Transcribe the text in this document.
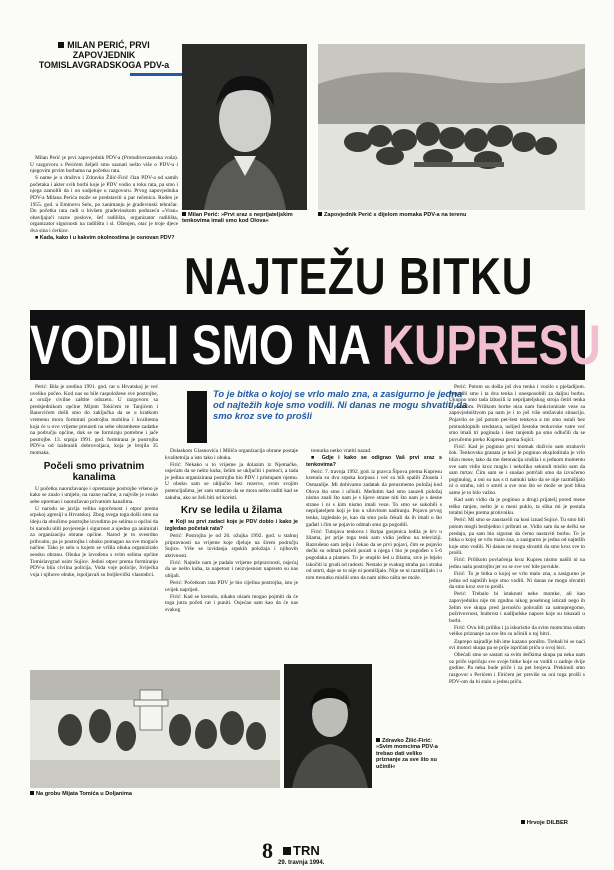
MILAN PERIĆ, PRVI ZAPOVJEDNIK TOMISLAVGRADSKOGA PDV-a

Milan Perić je prvi zapovjednik PDV-a (Protudiverzantska voda). U razgovoru s Perićem željeli smo saznati nešto više o PDV-u i njegovim prvim borbama na početku rata.

S name je u društvu i Zdravko Žilić-Firić član PDV-a od samih početaka i akter svih borbi koje je PDV vodio u toku rata, pa smo i njega zamolili da i on sudjeluje u razgovoru. Prvog zapovjednika PDV-a Milana Perića može se predstaviti u par rečenica. Rođen je 1955. god. u Eminovu Selu, po zanimanju je građevinski tehničar. Do početka rata radi u bivšem građevinskom poduzeću »Vran« obavljajući razne poslove, šef radilišta, organizator radilišta, organizator sigurnosti na radilištu i sl. Oženjen, otac je troje djece dva sina i ćerkice.

■ Kada, kako i u kakvim okolnostima je osnovan PDV?

Milan Perić: »Prvi sraz s neprijateljskim tenkovima imali smo kod Olova«
Zapovjednik Perić s dijelom momaka PDV-a na terenu
NAJTEŽU BITKU
VODILI SMO NA KUPRESU
To je bitka o kojoj se vrlo malo zna, a zasigurno je jedna od najtežih koje smo vodili. Ni danas ne mogu shvatiti da smo kroz sve to prošli

Perić: Bila je sredina 1991. god. rat u Hrvatskoj je već uveliko počeo. Kod nas su bile raspoložene sve postrojbe, a oružje civilne zaštite oduzeto. U razgovoru sa predsjednikom općine Mijom Tokićem te Tanjićem i Banovićem došli smo do zaključka da se u kratkom vremenu mora formirati postrojba mobilna i kvalitetna koja će u ovo vrijeme preuzeti na sebe obrambene zadatke na području općine, dok se ne formiraju potrebne i jače postrojbe. 13. srpnja 1991. god. formirana je postrojba PDV-a od izabranih dobrovoljaca, koja je brojila 35 momaka.

Počeli smo privatnim kanalima

U početku naoružavanje i opremanje postrojbe vršeno je kako se znalo i umjelo, na razne načine, a najviše je svako sebe opremao i naoružavao privatnim kanalima.

U narodu se javlja velika ogorčenost i otpor prema srpskoj agresiji u Hrvatskoj. Zbog svega toga došli smo na ideju da obučimo postrojbe izvodimo po selima u općini da bi narodu ulili povjerenje i sigurnost a ujedno ga animirali za organizaciju obrane općine. Narod je to svesrdno prihvatio, pa je postrojba i obuku pomagao na sve moguće načine. Tako je selo u kojem se vršila obuka organiziralo seosku obranu. Obuka je izvođena s svim selima općine Tomislavgrad osim Sujice. Jedini otpor prema formiranju PDV-a bila civilna policija, Voda voje policije, Svijećka voja i njihove obuke, ispoljavali su boljševički vlastodrci.

Dolaskom Glasnovića i Miličа organizacija obrane postaje kvalitetnija a isto tako i obuka.

Firić: Nekako u to vrijeme ja dolazim iz Njemačke, osjećam da se nešto kuha, želim se uključiti i pomoći, a tada je jedina organizirana postrojba bio PDV i pristupam njemu. U obuku sam se uključio bez rezerve, svim svojim potencijalima, jer sam smatrao da se mora nešto raditi kad se zakuhа, ako se želi biti od koristi.

Krv se ledila u žilama

■ Koji su prvi zadaci koje je PDV dobio i kako je izgledao početak rata?

Perić: Postrojba je od 26. ožujka 1992. god. u stalnoj pripravnosti na vrijeme koje djeluje na širem području Sujice. Vrše se izvidanja srpskih položaja i njihovih aktivnosti.

Firić: Najteže nam je padalo vrijeme pripravnosti, osjećaj da se nešto kuha, ta napetost i neizvjesnost napresto su nas ubijali.

Perić: Početkom rata PDV je bio cijelina postrojba, isto je uvijek naprijed.

Firić: Kad se krenulo, nikako nisam mogao pojmiti da će toga jutra početi rat i puniti. Osjećao sam kao da će nas svakog

trenutka netko vratiti nazad.

■ Gdje i kako se odigrao Vaš prvi sraz s tenkovima?

Perić: 7. travnja 1992. god. iz pravca Šipova prema Kupresu krenula su dva srpska korpusa i već su bili spalili Zlosela i Osmanlije. Mi dobivamo zadatak da preuzmemo položaj kod Olova što smo i učinili. Međutim kad smo zauzeli položaj nismo znali što nam je s lijeve strane niti što nam je s desne strane i ni s kim nismo imali veze. To smo se sukobili s neprijateljem koji je bio u silovitom nadiranju. Pojavu prvog tenka, izgledalo je, kao da smo pola čekali da ih imali u što gađati i čim se pojavio odmah smo ga pogodili.

Firić: Tutnjava tenkova i škripa gusjenica ledila je krv u žilama, jer prije toga tenk sam vidio jedino na televiziji. Razrušeno sam zelju i čekao da se prvi pojavi, čim se pojavio dečki su odmah počeli pucati u njega i bio je pogođen s 5-6 pogodaka a plamen. To je otopilo led u žilama, srce je htjelo iskočiti iz grudi od radosti. Nestalo je svakog straha pa i straha od smrti, daje se to nije ni pomišljalo. Nije se ni razmišljalo i u tom trenutku mislili smo da nam nitko ništa ne može.

Perić: Potom su došla još dva tenka i vozilo s pješadijom. Pogodili smo i ta dva tenka i onesposobili za daljnu borbu. Ukupno smo tada izbacili iz neprijateljskog stroja četiri tenka s posadom. Prilikom borbe nisu nam funkcionirale veze sa zapovjedništvom pa nam je i to još više otežavalo situaciju. Pojavilo se još potom pet-šest tenkova a mi smo ostali bez protuoklopnih sredstava, uslijed žestoke tenkovske vatre već smo imali tri poginula i šest ranjenih pa smo odlučili da se povučemo preko Kupresa prema Sujici.

Firić: Kad je poginuo prvi momak doživio sam strahovit šok. Tenkovska granata je kod je poginuo eksplodirala je vrlo blizu mene, tako da me detonacija srušila i u jednom momentu sve sam vidio kroz maglu i nekoliko sekundi mislio sam da sam mrtav. Čim sam se i snašao potrčali smo da izvučemo poginulog, a oni su nas s ti namuki tako da se nije razmišljalo ni o strahu, niti o smrti a sve ono što se može se pod blisa samo je to bilo važno.

Kad sam vidio da je poginuo a drugi prijatelj pored mene teško ranjen, nešto je u meni puklo, ta slika mi je postala totalni bijes prema protivniku.

Perić: Mi smo se zaustavili na kosi iznad Sujice. Tu smo bili potom mogli bezbjedno i pribrati se. Vidio sam da se dečki ne predaju, pa sam bio siguran da ćemo nastaviti borbu. To je bitka o kojoj se vrlo malo zna, a zasigurno je jedna od najtežih koje smo vodili. Ni danas ne mogu shvatiti da smo kroz sve to prošli.

Firić: Prilikom povlačenja kroz Kupres nismo naišli ni na jednu našu postrojbu jer su se sve već bile povukle.

Firić: To je bitka o kojoj se vrlo malo zna, a zasigurno je jedna od najtežih koje smo vodili. Ni danas ne mogu shvatiti da smo kroz sve to prošli.

Perić: Trebalo bi istaknuti neke momke, ali kao zapovjedniku nije mi zgodno nikog posebnog isticati nego ih želim sve skupa pred javnošću pohvaliti za samopregorne, požrtvovnost, hrabrost i nadljudske napore koje su iskazali u borbi.

Firić: Ovu bih priliku i ja iskoristio da svim momcima odam veliko priznanje za sve što su učinili u toj bitci.

Zaprepo najrađije bih ime kazano poništo. Trebali bi se naći svi momci skupa pa se prije ispričati priču o ovoj bici.

Obećali smo se sastati sa svim dečkima skupa pa neka nam oz priče ispričaju sve svoje bitke koje su vodili u zadnje dvije godine. Pa neka bude priče i za pet brojeva. Prekinuli smo razgovor s Perićem i Firićem jer previše su oni toga prošli s PDV-om da bi stalo u jednu priču.

Hrvoje DILBER
Na grobu Mijata Tomića u Doljanima
Zdravko Žilić-Firić: »Svim momcima PDV-a trebao dati veliko priznanje za sve što su učinili«
8	TRN
29. travnja 1994.
